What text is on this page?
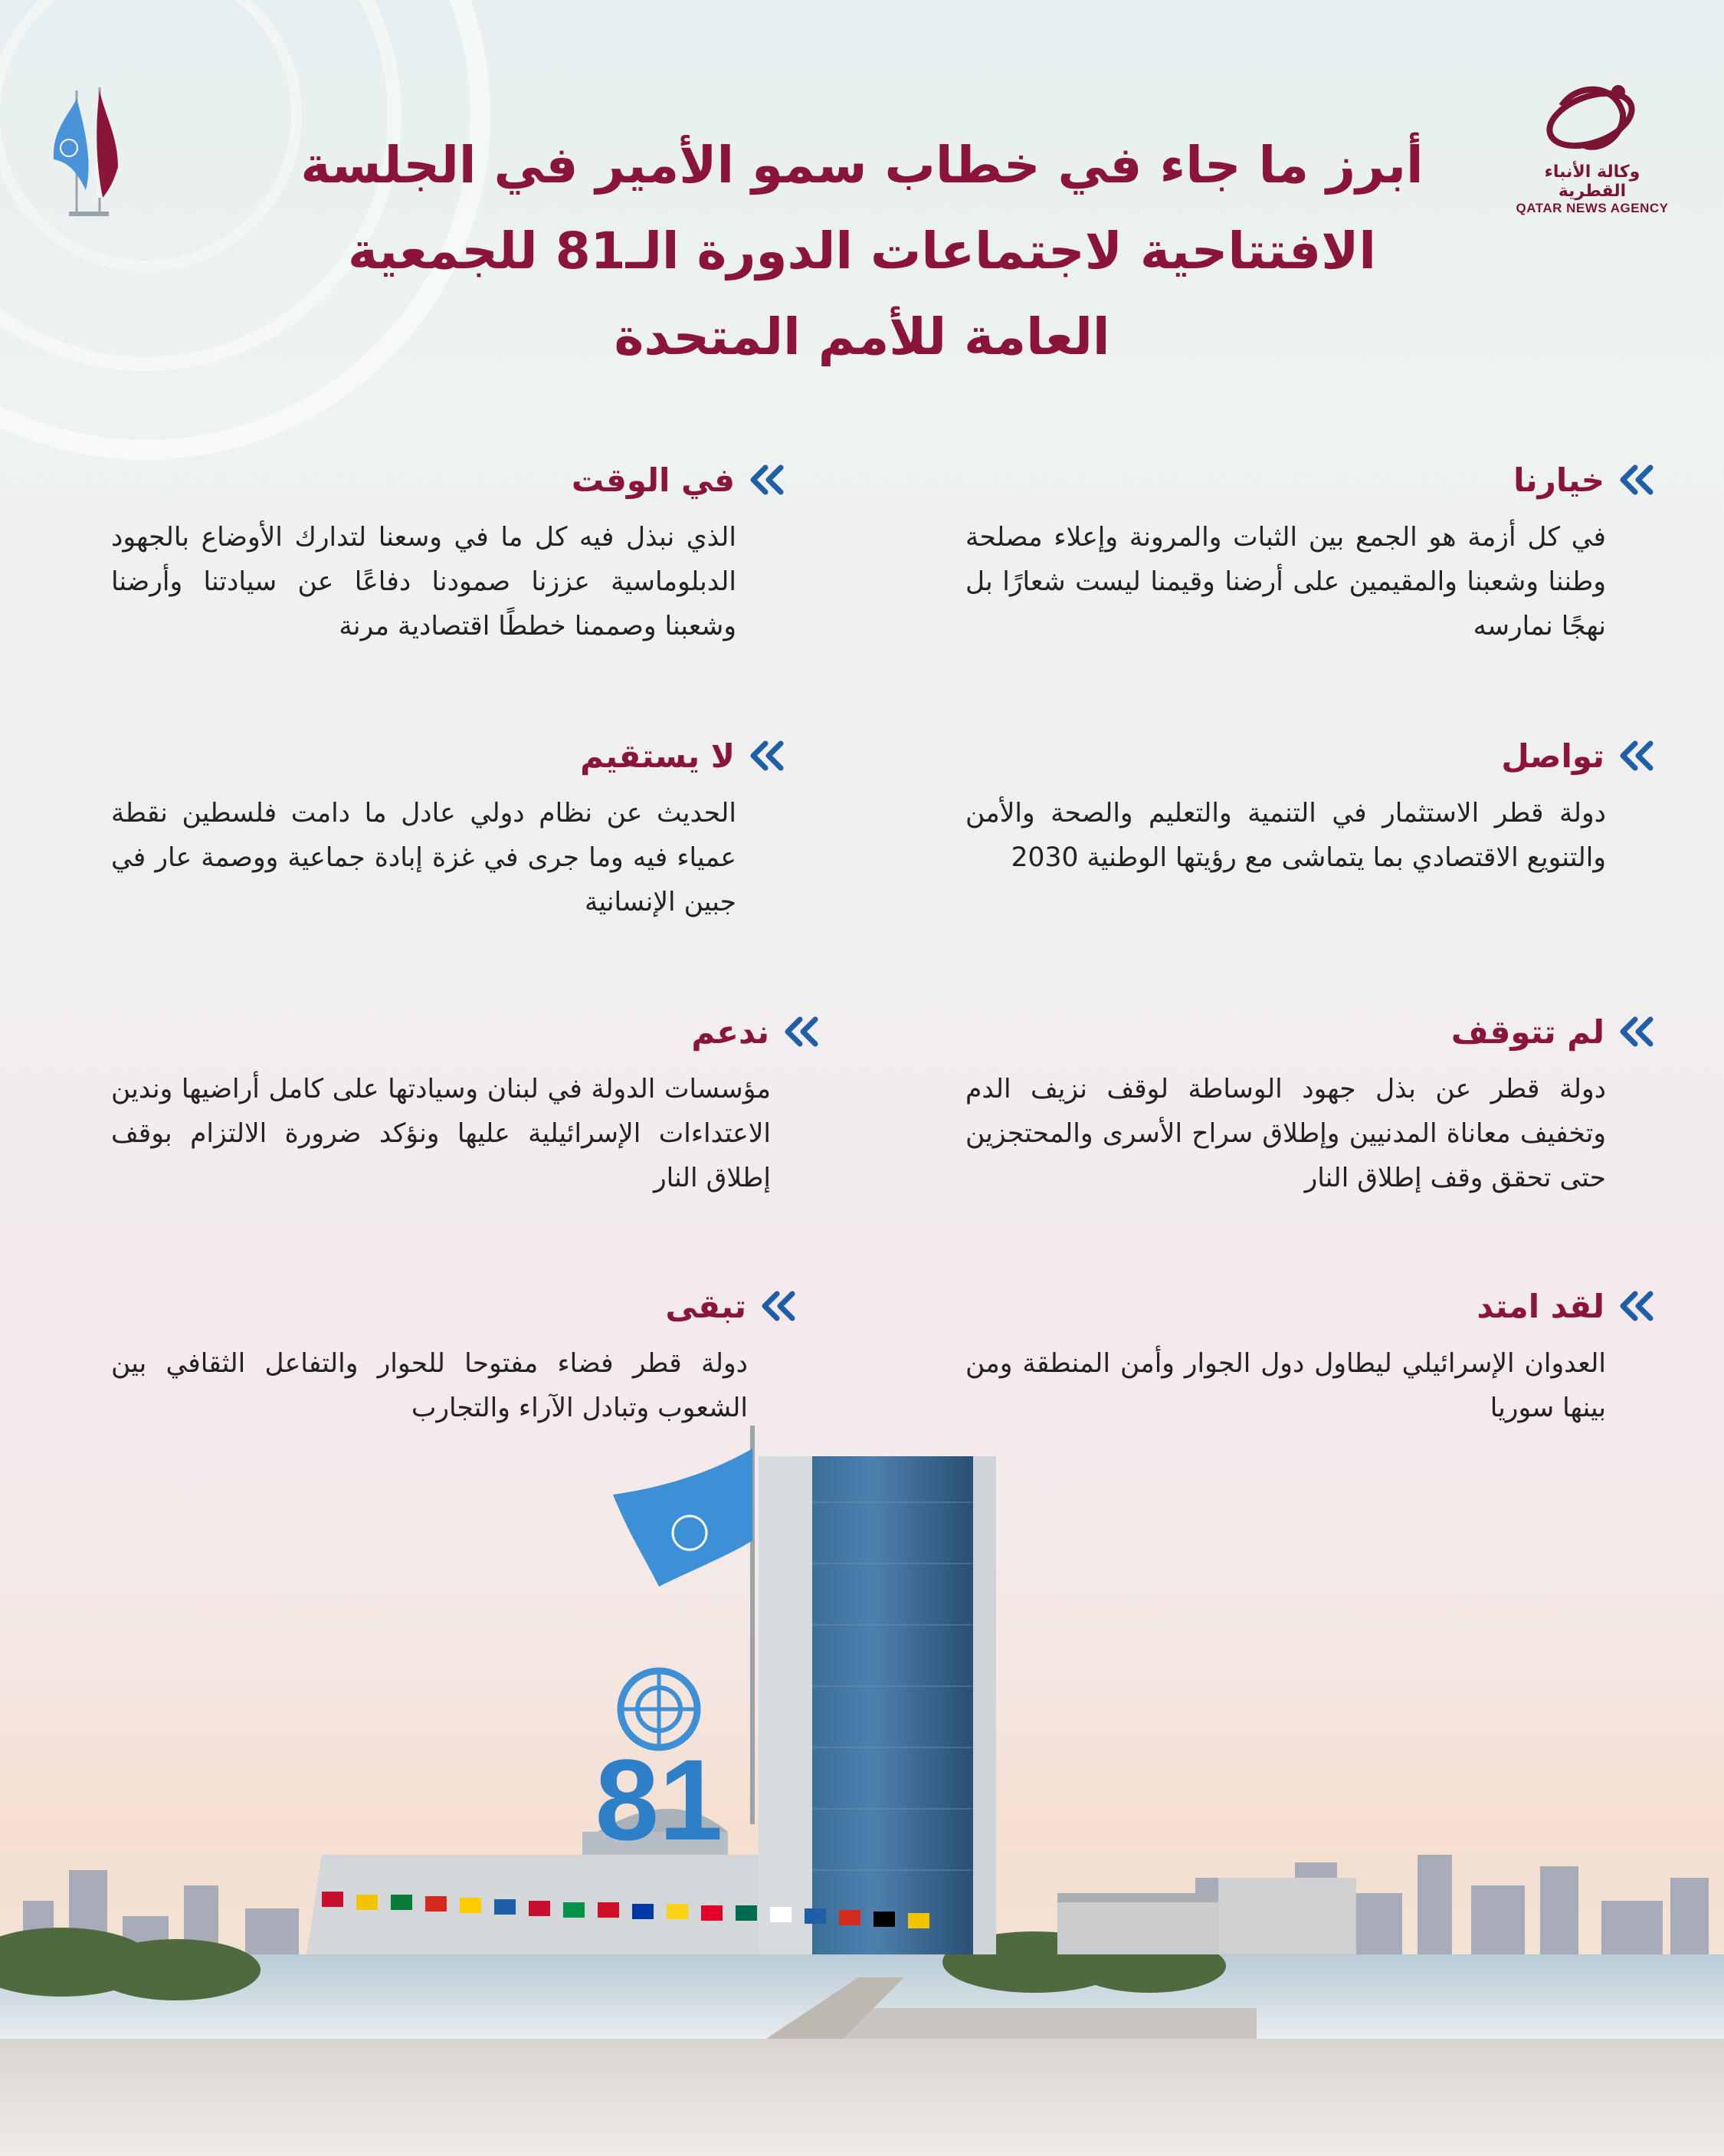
وكالة الأنباء القطرية
QATAR NEWS AGENCY
أبرز ما جاء في خطاب سمو الأمير في الجلسة
الافتتاحية لاجتماعات الدورة الـ81 للجمعية
العامة للأمم المتحدة
خيارنا

في كل أزمة هو الجمع بين الثبات والمرونة وإعلاء مصلحة وطننا وشعبنا والمقيمين على أرضنا وقيمنا ليست شعارًا بل نهجًا نمارسه

في الوقت

الذي نبذل فيه كل ما في وسعنا لتدارك الأوضاع بالجهود الدبلوماسية عززنا صمودنا دفاعًا عن سيادتنا وأرضنا وشعبنا وصممنا خططًا اقتصادية مرنة

تواصل

دولة قطر الاستثمار في التنمية والتعليم والصحة والأمن والتنويع الاقتصادي بما يتماشى مع رؤيتها الوطنية 2030

لا يستقيم

الحديث عن نظام دولي عادل ما دامت فلسطين نقطة عمياء فيه وما جرى في غزة إبادة جماعية ووصمة عار في جبين الإنسانية

لم تتوقف

دولة قطر عن بذل جهود الوساطة لوقف نزيف الدم وتخفيف معاناة المدنيين وإطلاق سراح الأسرى والمحتجزين حتى تحقق وقف إطلاق النار

ندعم

مؤسسات الدولة في لبنان وسيادتها على كامل أراضيها وندين الاعتداءات الإسرائيلية عليها ونؤكد ضرورة الالتزام بوقف إطلاق النار

لقد امتد

العدوان الإسرائيلي ليطاول دول الجوار وأمن المنطقة ومن بينها سوريا

تبقى

دولة قطر فضاء مفتوحا للحوار والتفاعل الثقافي بين الشعوب وتبادل الآراء والتجارب

81
